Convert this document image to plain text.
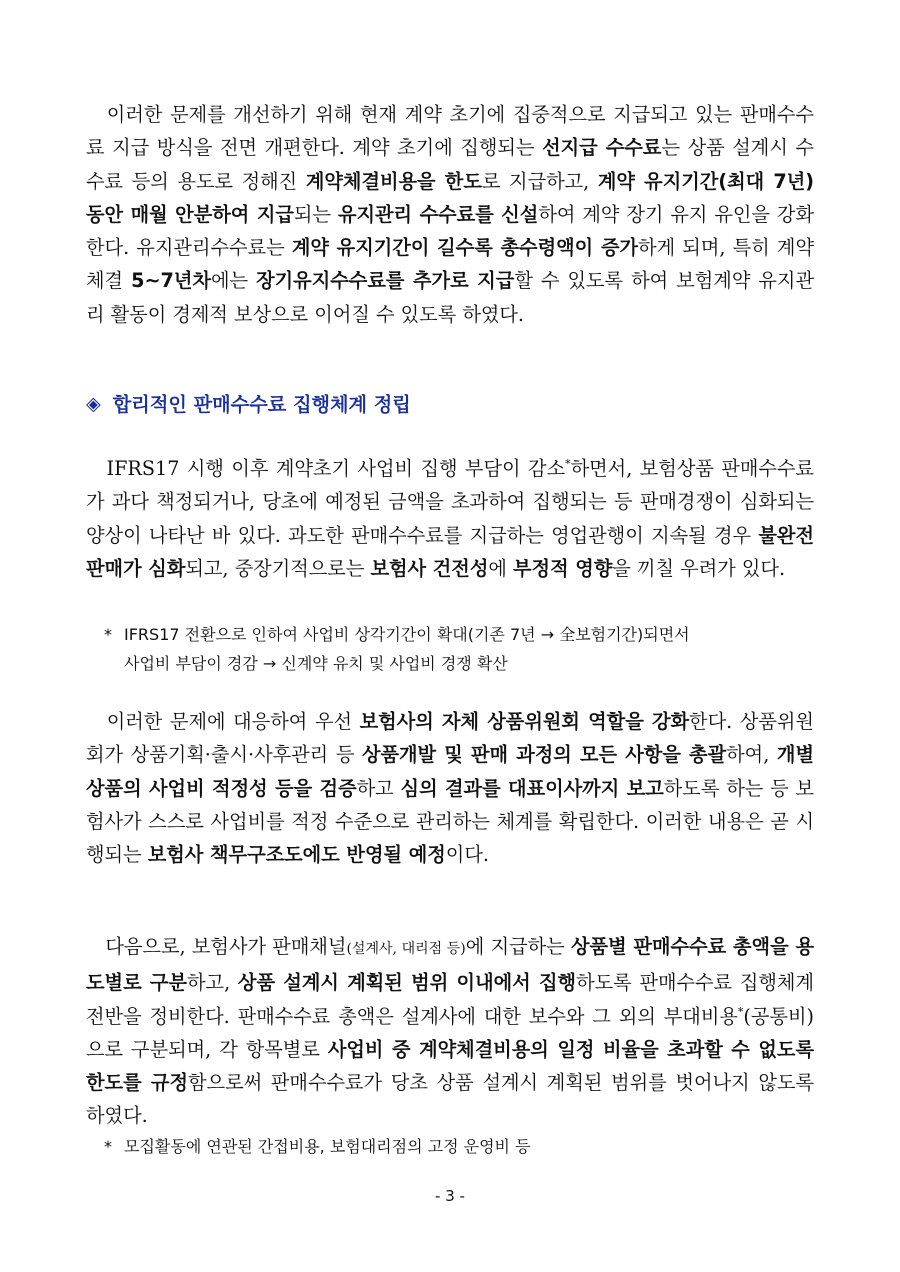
　이러한 문제를 개선하기 위해 현재 계약 초기에 집중적으로 지급되고 있는 판매수수료 지급 방식을 전면 개편한다. 계약 초기에 집행되는 선지급 수수료는 상품 설계시 수수료 등의 용도로 정해진 계약체결비용을 한도로 지급하고, 계약 유지기간(최대 7년) 동안 매월 안분하여 지급되는 유지관리 수수료를 신설하여 계약 장기 유지 유인을 강화한다. 유지관리수수료는 계약 유지기간이 길수록 총수령액이 증가하게 되며, 특히 계약체결 5~7년차에는 장기유지수수료를 추가로 지급할 수 있도록 하여 보험계약 유지관리 활동이 경제적 보상으로 이어질 수 있도록 하였다.

◈ 합리적인 판매수수료 집행체계 정립

　IFRS17 시행 이후 계약초기 사업비 집행 부담이 감소*하면서, 보험상품 판매수수료가 과다 책정되거나, 당초에 예정된 금액을 초과하여 집행되는 등 판매경쟁이 심화되는 양상이 나타난 바 있다. 과도한 판매수수료를 지급하는 영업관행이 지속될 경우 불완전판매가 심화되고, 중장기적으로는 보험사 건전성에 부정적 영향을 끼칠 우려가 있다.

* IFRS17 전환으로 인하여 사업비 상각기간이 확대(기존 7년 → 全보험기간)되면서
사업비 부담이 경감 → 신계약 유치 및 사업비 경쟁 확산

　이러한 문제에 대응하여 우선 보험사의 자체 상품위원회 역할을 강화한다. 상품위원회가 상품기획·출시·사후관리 등 상품개발 및 판매 과정의 모든 사항을 총괄하여, 개별상품의 사업비 적정성 등을 검증하고 심의 결과를 대표이사까지 보고하도록 하는 등 보험사가 스스로 사업비를 적정 수준으로 관리하는 체계를 확립한다. 이러한 내용은 곧 시행되는 보험사 책무구조도에도 반영될 예정이다.

　다음으로, 보험사가 판매채널(설계사, 대리점 등)에 지급하는 상품별 판매수수료 총액을 용도별로 구분하고, 상품 설계시 계획된 범위 이내에서 집행하도록 판매수수료 집행체계 전반을 정비한다. 판매수수료 총액은 설계사에 대한 보수와 그 외의 부대비용*(공통비)으로 구분되며, 각 항목별로 사업비 중 계약체결비용의 일정 비율을 초과할 수 없도록 한도를 규정함으로써 판매수수료가 당초 상품 설계시 계획된 범위를 벗어나지 않도록 하였다.

* 모집활동에 연관된 간접비용, 보험대리점의 고정 운영비 등

- 3 -
